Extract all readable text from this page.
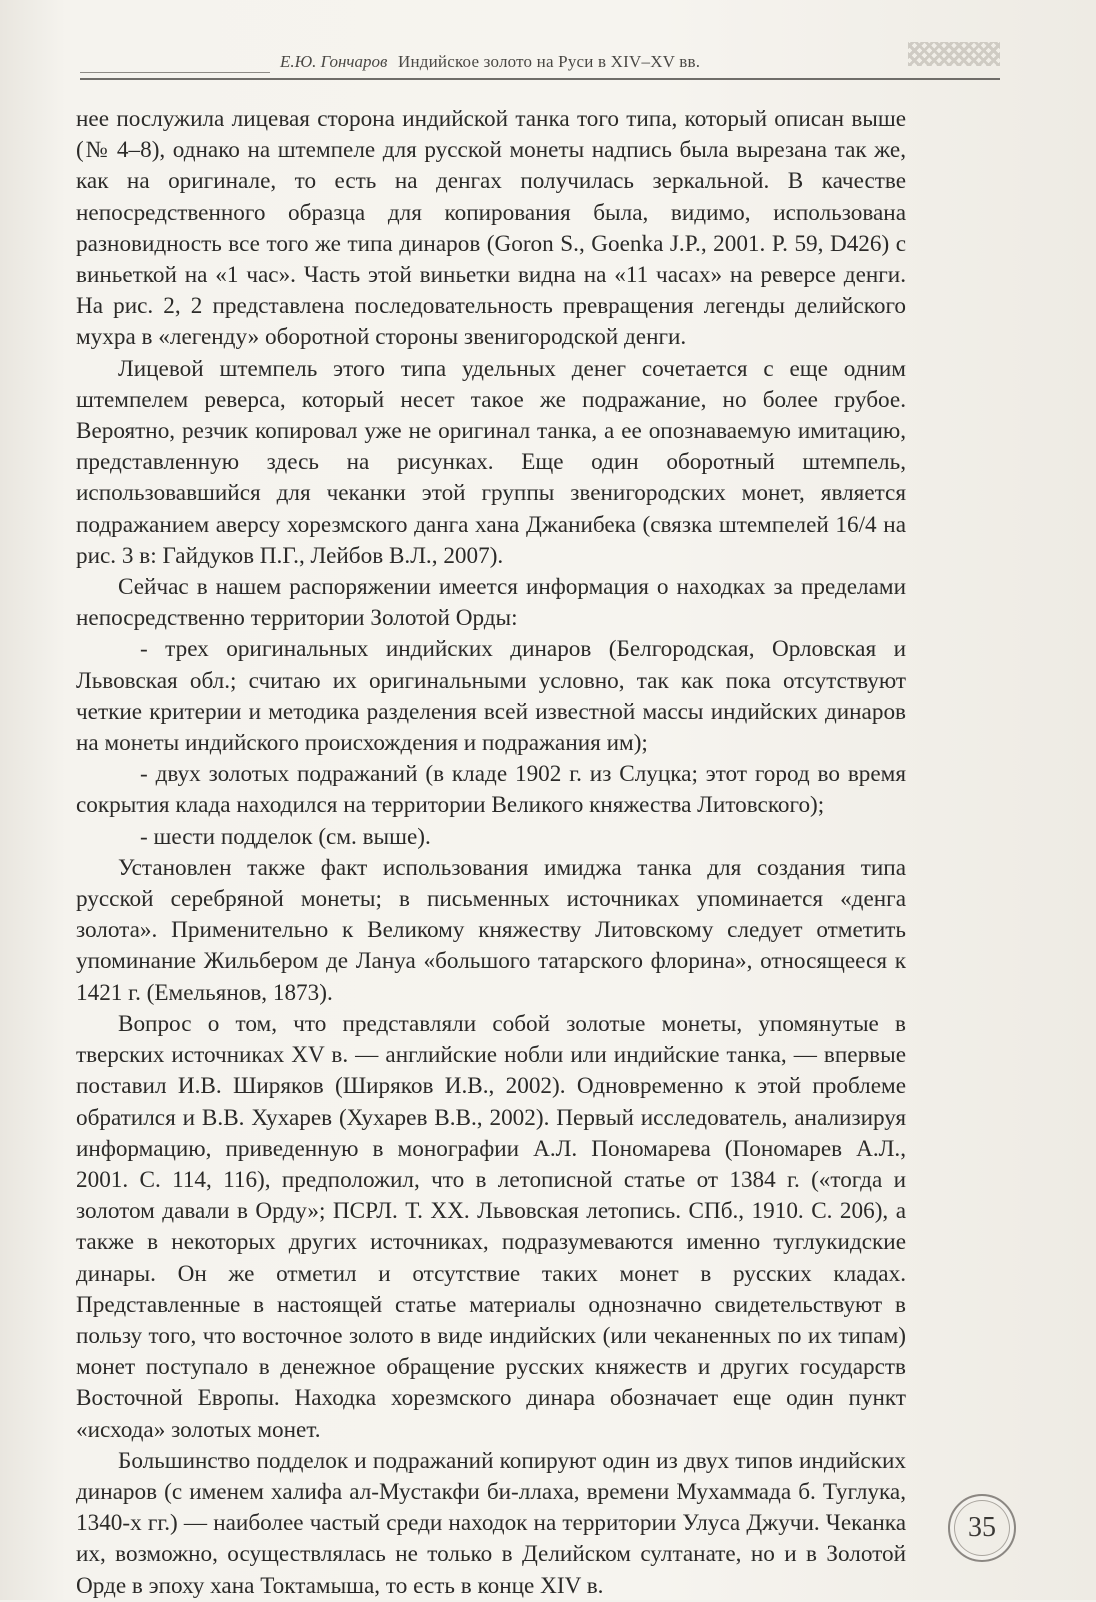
Е.Ю. Гончаров Индийское золото на Руси в XIV–XV вв.

нее послужила лицевая сторона индийской танка того типа, который описан выше (№ 4–8), однако на штемпеле для русской монеты надпись была вырезана так же, как на оригинале, то есть на денгах получилась зеркальной. В качестве непосредственного образца для копирования была, видимо, использована разновидность все того же типа динаров (Goron S., Goenka J.P., 2001. P. 59, D426) с виньеткой на «1 час». Часть этой виньетки видна на «11 часах» на реверсе денги. На рис. 2, 2 представлена последовательность превращения легенды делийского мухра в «легенду» оборотной стороны звенигородской денги.

Лицевой штемпель этого типа удельных денег сочетается с еще одним штемпелем реверса, который несет такое же подражание, но более грубое. Вероятно, резчик копировал уже не оригинал танка, а ее опознаваемую имитацию, представленную здесь на рисунках. Еще один оборотный штемпель, использовавшийся для чеканки этой группы звенигородских монет, является подражанием аверсу хорезмского данга хана Джанибека (связка штемпелей 16/4 на рис. 3 в: Гайдуков П.Г., Лейбов В.Л., 2007).

Сейчас в нашем распоряжении имеется информация о находках за пределами непосредственно территории Золотой Орды:

- трех оригинальных индийских динаров (Белгородская, Орловская и Львовская обл.; считаю их оригинальными условно, так как пока отсутствуют четкие критерии и методика разделения всей известной массы индийских динаров на монеты индийского происхождения и подражания им);

- двух золотых подражаний (в кладе 1902 г. из Слуцка; этот город во время сокрытия клада находился на территории Великого княжества Литовского);

- шести подделок (см. выше).

Установлен также факт использования имиджа танка для создания типа русской серебряной монеты; в письменных источниках упоминается «денга золота». Применительно к Великому княжеству Литовскому следует отметить упоминание Жильбером де Лануа «большого татарского флорина», относящееся к 1421 г. (Емельянов, 1873).

Вопрос о том, что представляли собой золотые монеты, упомянутые в тверских источниках XV в. — английские нобли или индийские танка, — впервые поставил И.В. Ширяков (Ширяков И.В., 2002). Одновременно к этой проблеме обратился и В.В. Хухарев (Хухарев В.В., 2002). Первый исследователь, анализируя информацию, приведенную в монографии А.Л. Пономарева (Пономарев А.Л., 2001. С. 114, 116), предположил, что в летописной статье от 1384 г. («тогда и золотом давали в Орду»; ПСРЛ. Т. XX. Львовская летопись. СПб., 1910. С. 206), а также в некоторых других источниках, подразумеваются именно туглукидские динары. Он же отметил и отсутствие таких монет в русских кладах. Представленные в настоящей статье материалы однозначно свидетельствуют в пользу того, что восточное золото в виде индийских (или чеканенных по их типам) монет поступало в денежное обращение русских княжеств и других государств Восточной Европы. Находка хорезмского динара обозначает еще один пункт «исхода» золотых монет.

Большинство подделок и подражаний копируют один из двух типов индийских динаров (с именем халифа ал-Мустакфи би-ллаха, времени Мухаммада б. Туглука, 1340-х гг.) — наиболее частый среди находок на территории Улуса Джучи. Чеканка их, возможно, осуществлялась не только в Делийском султанате, но и в Золотой Орде в эпоху хана Токтамыша, то есть в конце XIV в.

35
